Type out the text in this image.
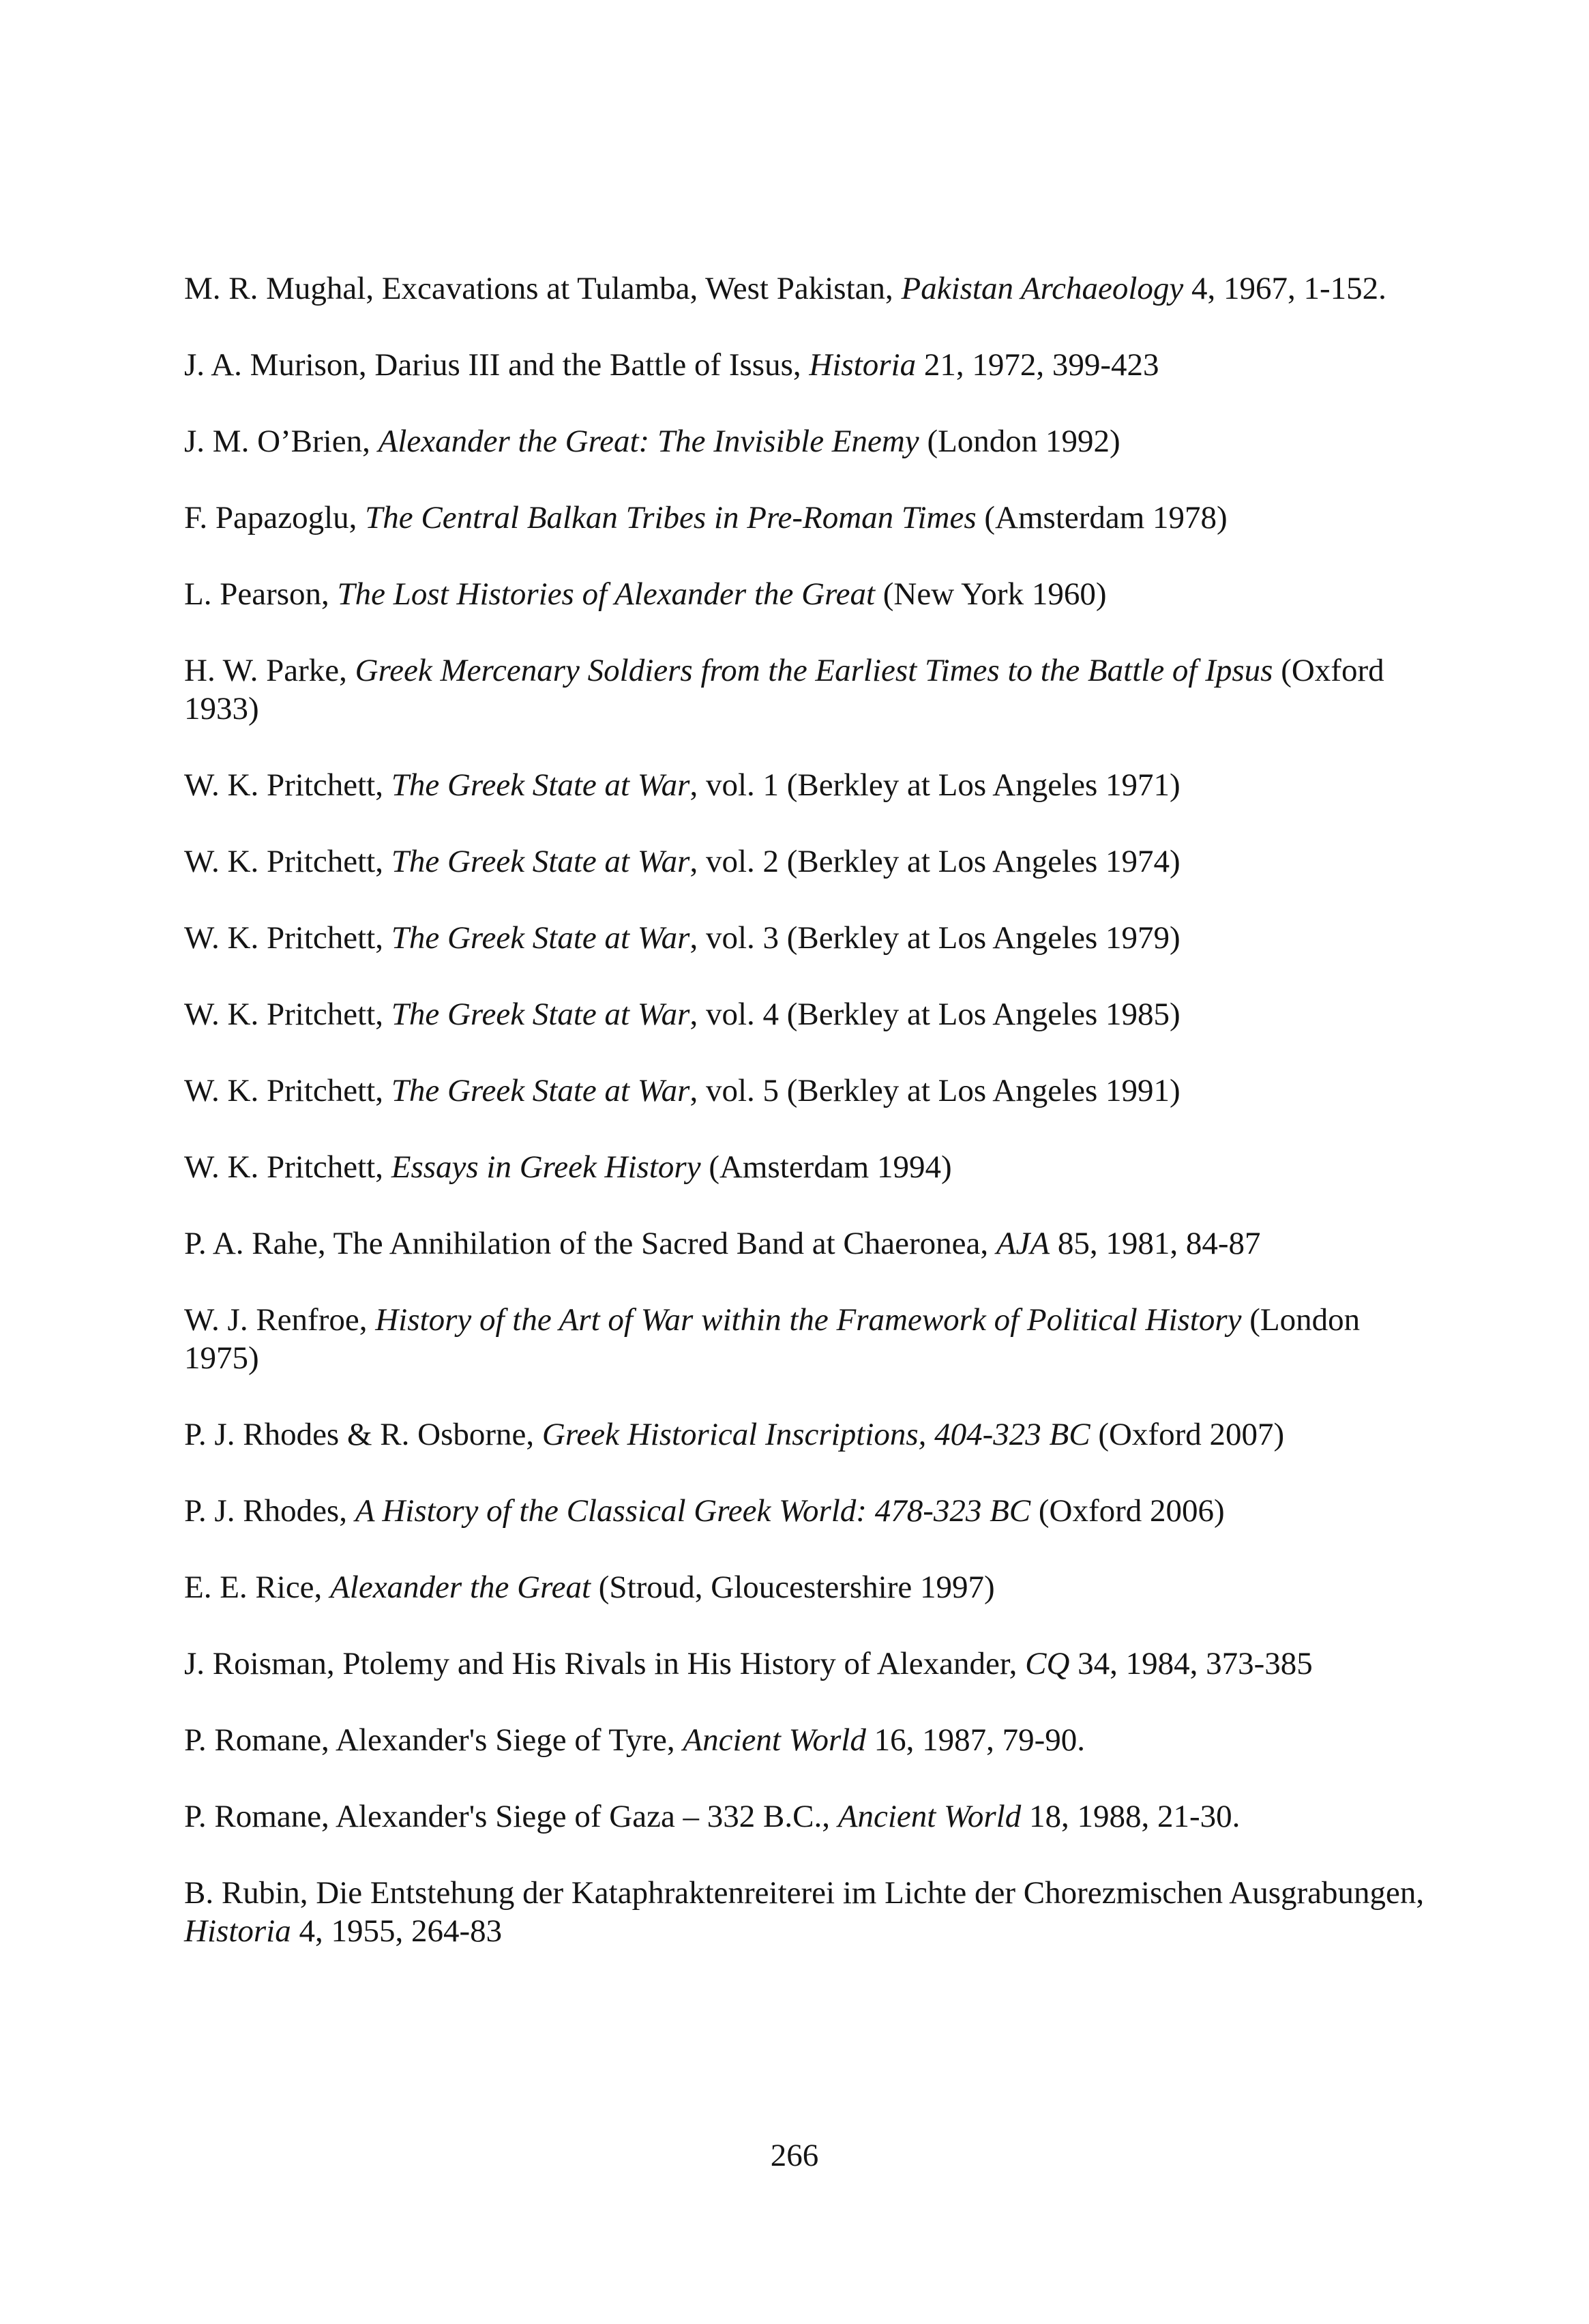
M. R. Mughal, Excavations at Tulamba, West Pakistan, Pakistan Archaeology 4, 1967, 1-152.
J. A. Murison, Darius III and the Battle of Issus, Historia 21, 1972, 399-423
J. M. O’Brien, Alexander the Great: The Invisible Enemy (London 1992)
F. Papazoglu, The Central Balkan Tribes in Pre-Roman Times (Amsterdam 1978)
L. Pearson, The Lost Histories of Alexander the Great (New York 1960)
H. W. Parke, Greek Mercenary Soldiers from the Earliest Times to the Battle of Ipsus (Oxford 1933)
W. K. Pritchett, The Greek State at War, vol. 1 (Berkley at Los Angeles 1971)
W. K. Pritchett, The Greek State at War, vol. 2 (Berkley at Los Angeles 1974)
W. K. Pritchett, The Greek State at War, vol. 3 (Berkley at Los Angeles 1979)
W. K. Pritchett, The Greek State at War, vol. 4 (Berkley at Los Angeles 1985)
W. K. Pritchett, The Greek State at War, vol. 5 (Berkley at Los Angeles 1991)
W. K. Pritchett, Essays in Greek History (Amsterdam 1994)
P. A. Rahe, The Annihilation of the Sacred Band at Chaeronea, AJA 85, 1981, 84-87
W. J. Renfroe, History of the Art of War within the Framework of Political History (London 1975)
P. J. Rhodes & R. Osborne, Greek Historical Inscriptions, 404-323 BC (Oxford 2007)
P. J. Rhodes, A History of the Classical Greek World: 478-323 BC (Oxford 2006)
E. E. Rice, Alexander the Great (Stroud, Gloucestershire 1997)
J. Roisman, Ptolemy and His Rivals in His History of Alexander, CQ 34, 1984, 373-385
P. Romane, Alexander's Siege of Tyre, Ancient World 16, 1987, 79-90.
P. Romane, Alexander's Siege of Gaza – 332 B.C., Ancient World 18, 1988, 21-30.
B. Rubin, Die Entstehung der Kataphraktenreiterei im Lichte der Chorezmischen Ausgrabungen, Historia 4, 1955, 264-83
266
